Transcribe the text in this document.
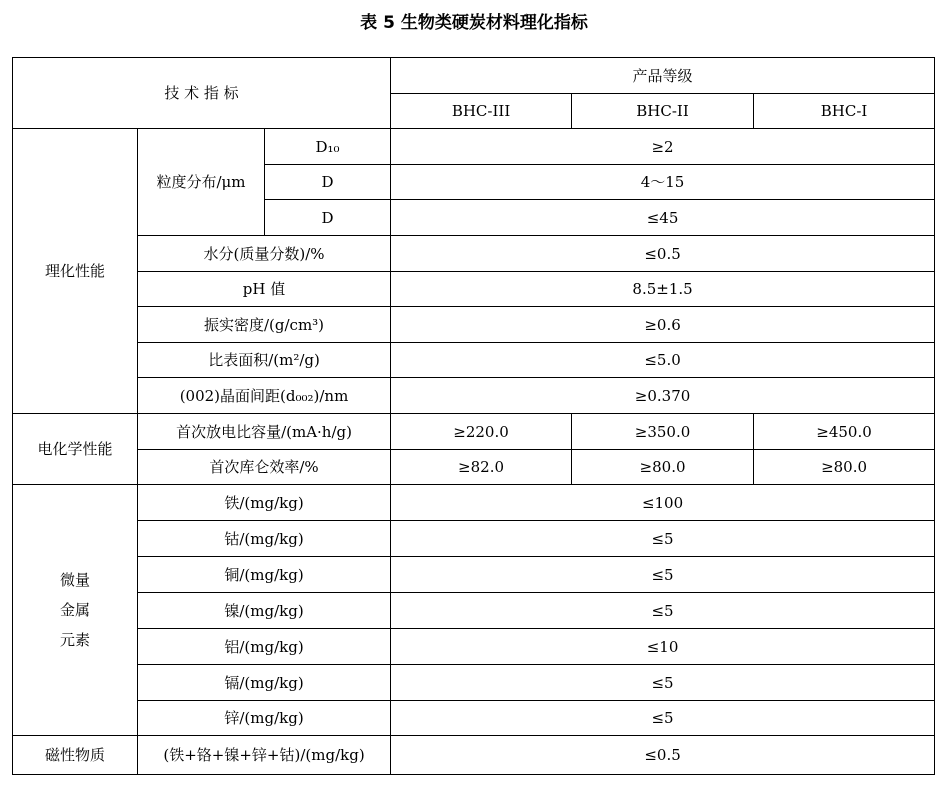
表 5 生物类硬炭材料理化指标
技 术 指 标			产品等级		
			BHC-III	BHC-II	BHC-I
理化性能	粒度分布/μm	D₁₀	≥2		
		D	4～15		
		D	≤45		
	水分(质量分数)/%		≤0.5		
	pH 值		8.5±1.5		
	振实密度/(g/cm³)		≥0.6		
	比表面积/(m²/g)		≤5.0		
	(002)晶面间距(d₀₀₂)/nm		≥0.370		
电化学性能	首次放电比容量/(mA·h/g)		≥220.0	≥350.0	≥450.0
	首次库仑效率/%		≥82.0	≥80.0	≥80.0

微量
金属
元素	铁/(mg/kg)		≤100		
	钴/(mg/kg)		≤5		
	铜/(mg/kg)		≤5		
	镍/(mg/kg)		≤5		
	铝/(mg/kg)		≤10		
	镉/(mg/kg)		≤5		
	锌/(mg/kg)		≤5		
磁性物质	(铁+铬+镍+锌+钴)/(mg/kg)		≤0.5		
